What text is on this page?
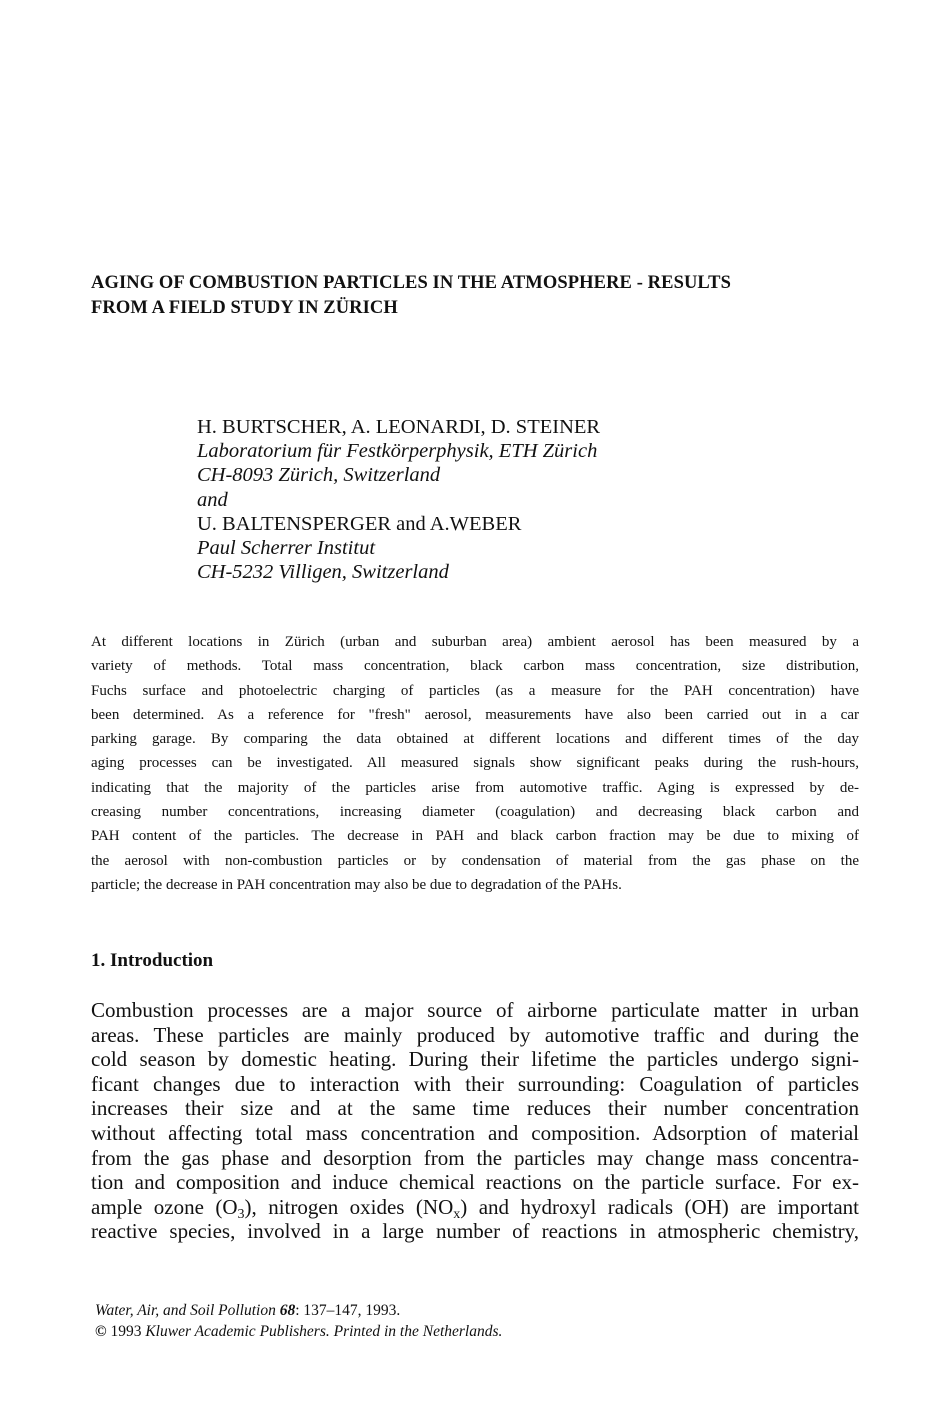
AGING OF COMBUSTION PARTICLES IN THE ATMOSPHERE - RESULTS
FROM A FIELD STUDY IN ZÜRICH
H. BURTSCHER, A. LEONARDI, D. STEINER
Laboratorium für Festkörperphysik, ETH Zürich
CH-8093 Zürich, Switzerland
and
U. BALTENSPERGER and A.WEBER
Paul Scherrer Institut
CH-5232 Villigen, Switzerland
At different locations in Zürich (urban and suburban area) ambient aerosol has been measured by a
variety of methods. Total mass concentration, black carbon mass concentration, size distribution,
Fuchs surface and photoelectric charging of particles (as a measure for the PAH concentration) have
been determined. As a reference for "fresh" aerosol, measurements have also been carried out in a car
parking garage. By comparing the data obtained at different locations and different times of the day
aging processes can be investigated. All measured signals show significant peaks during the rush-hours,
indicating that the majority of the particles arise from automotive traffic. Aging is expressed by de-
creasing number concentrations, increasing diameter (coagulation) and decreasing black carbon and
PAH content of the particles. The decrease in PAH and black carbon fraction may be due to mixing of
the aerosol with non-combustion particles or by condensation of material from the gas phase on the
particle; the decrease in PAH concentration may also be due to degradation of the PAHs.
1. Introduction
Combustion processes are a major source of airborne particulate matter in urban
areas. These particles are mainly produced by automotive traffic and during the
cold season by domestic heating. During their lifetime the particles undergo signi-
ficant changes due to interaction with their surrounding: Coagulation of particles
increases their size and at the same time reduces their number concentration
without affecting total mass concentration and composition. Adsorption of material
from the gas phase and desorption from the particles may change mass concentra-
tion and composition and induce chemical reactions on the particle surface. For ex-
ample ozone $(O_3)$, nitrogen oxides $(NO_x)$ and hydroxyl radicals (OH) are important
reactive species, involved in a large number of reactions in atmospheric chemistry,
Water, Air, and Soil Pollution 68: 137–147, 1993.
© 1993 Kluwer Academic Publishers. Printed in the Netherlands.
